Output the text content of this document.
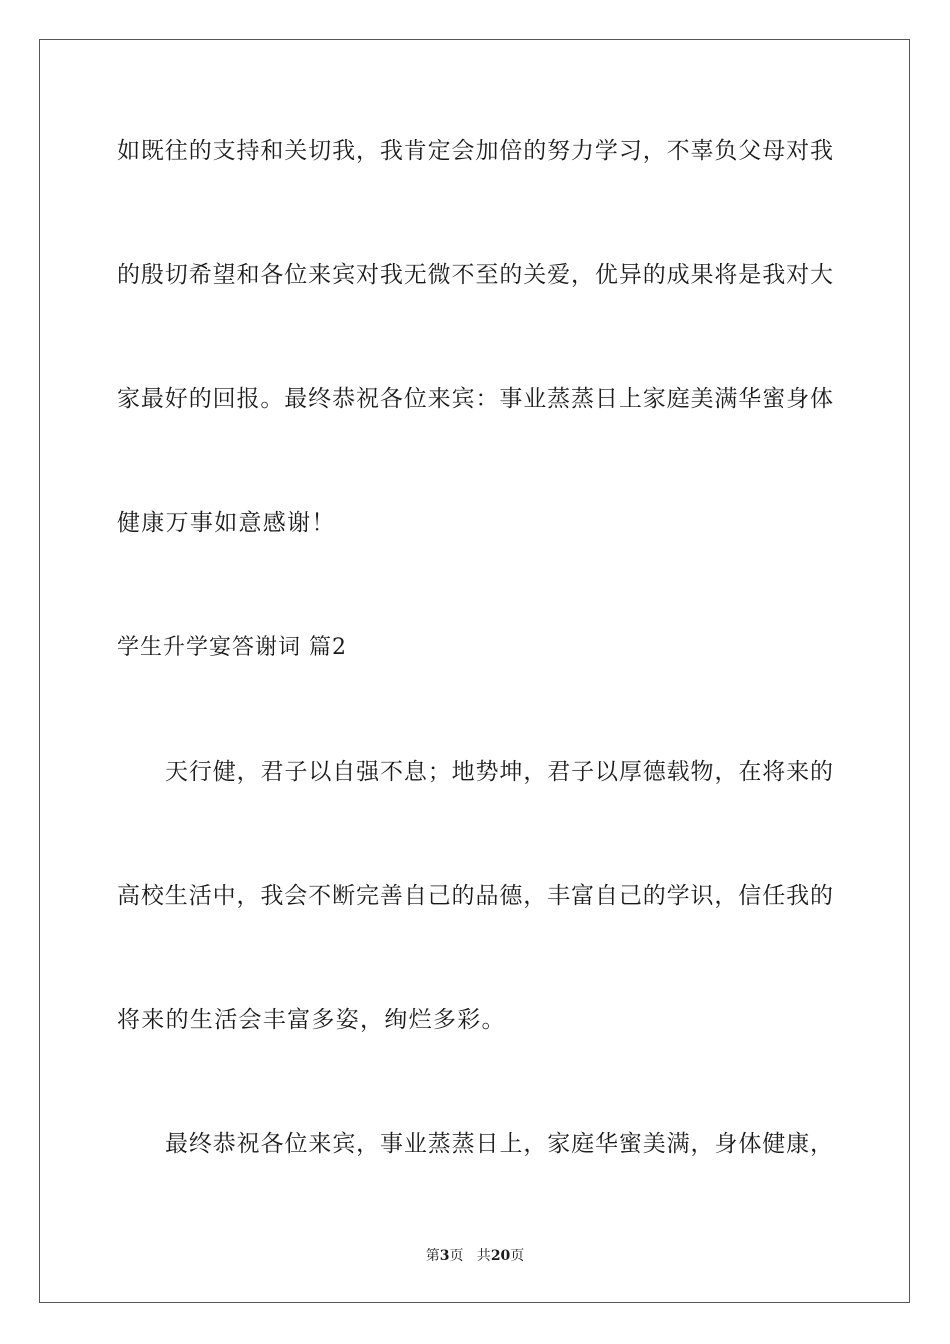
如既往的支持和关切我，我肯定会加倍的努力学习，不辜负父母对我
的殷切希望和各位来宾对我无微不至的关爱，优异的成果将是我对大
家最好的回报。最终恭祝各位来宾：事业蒸蒸日上家庭美满华蜜身体
健康万事如意感谢！
学生升学宴答谢词 篇2
天行健，君子以自强不息；地势坤，君子以厚德载物，在将来的
高校生活中，我会不断完善自己的品德，丰富自己的学识，信任我的
将来的生活会丰富多姿，绚烂多彩。
最终恭祝各位来宾，事业蒸蒸日上，家庭华蜜美满，身体健康，
第3页   共20页
